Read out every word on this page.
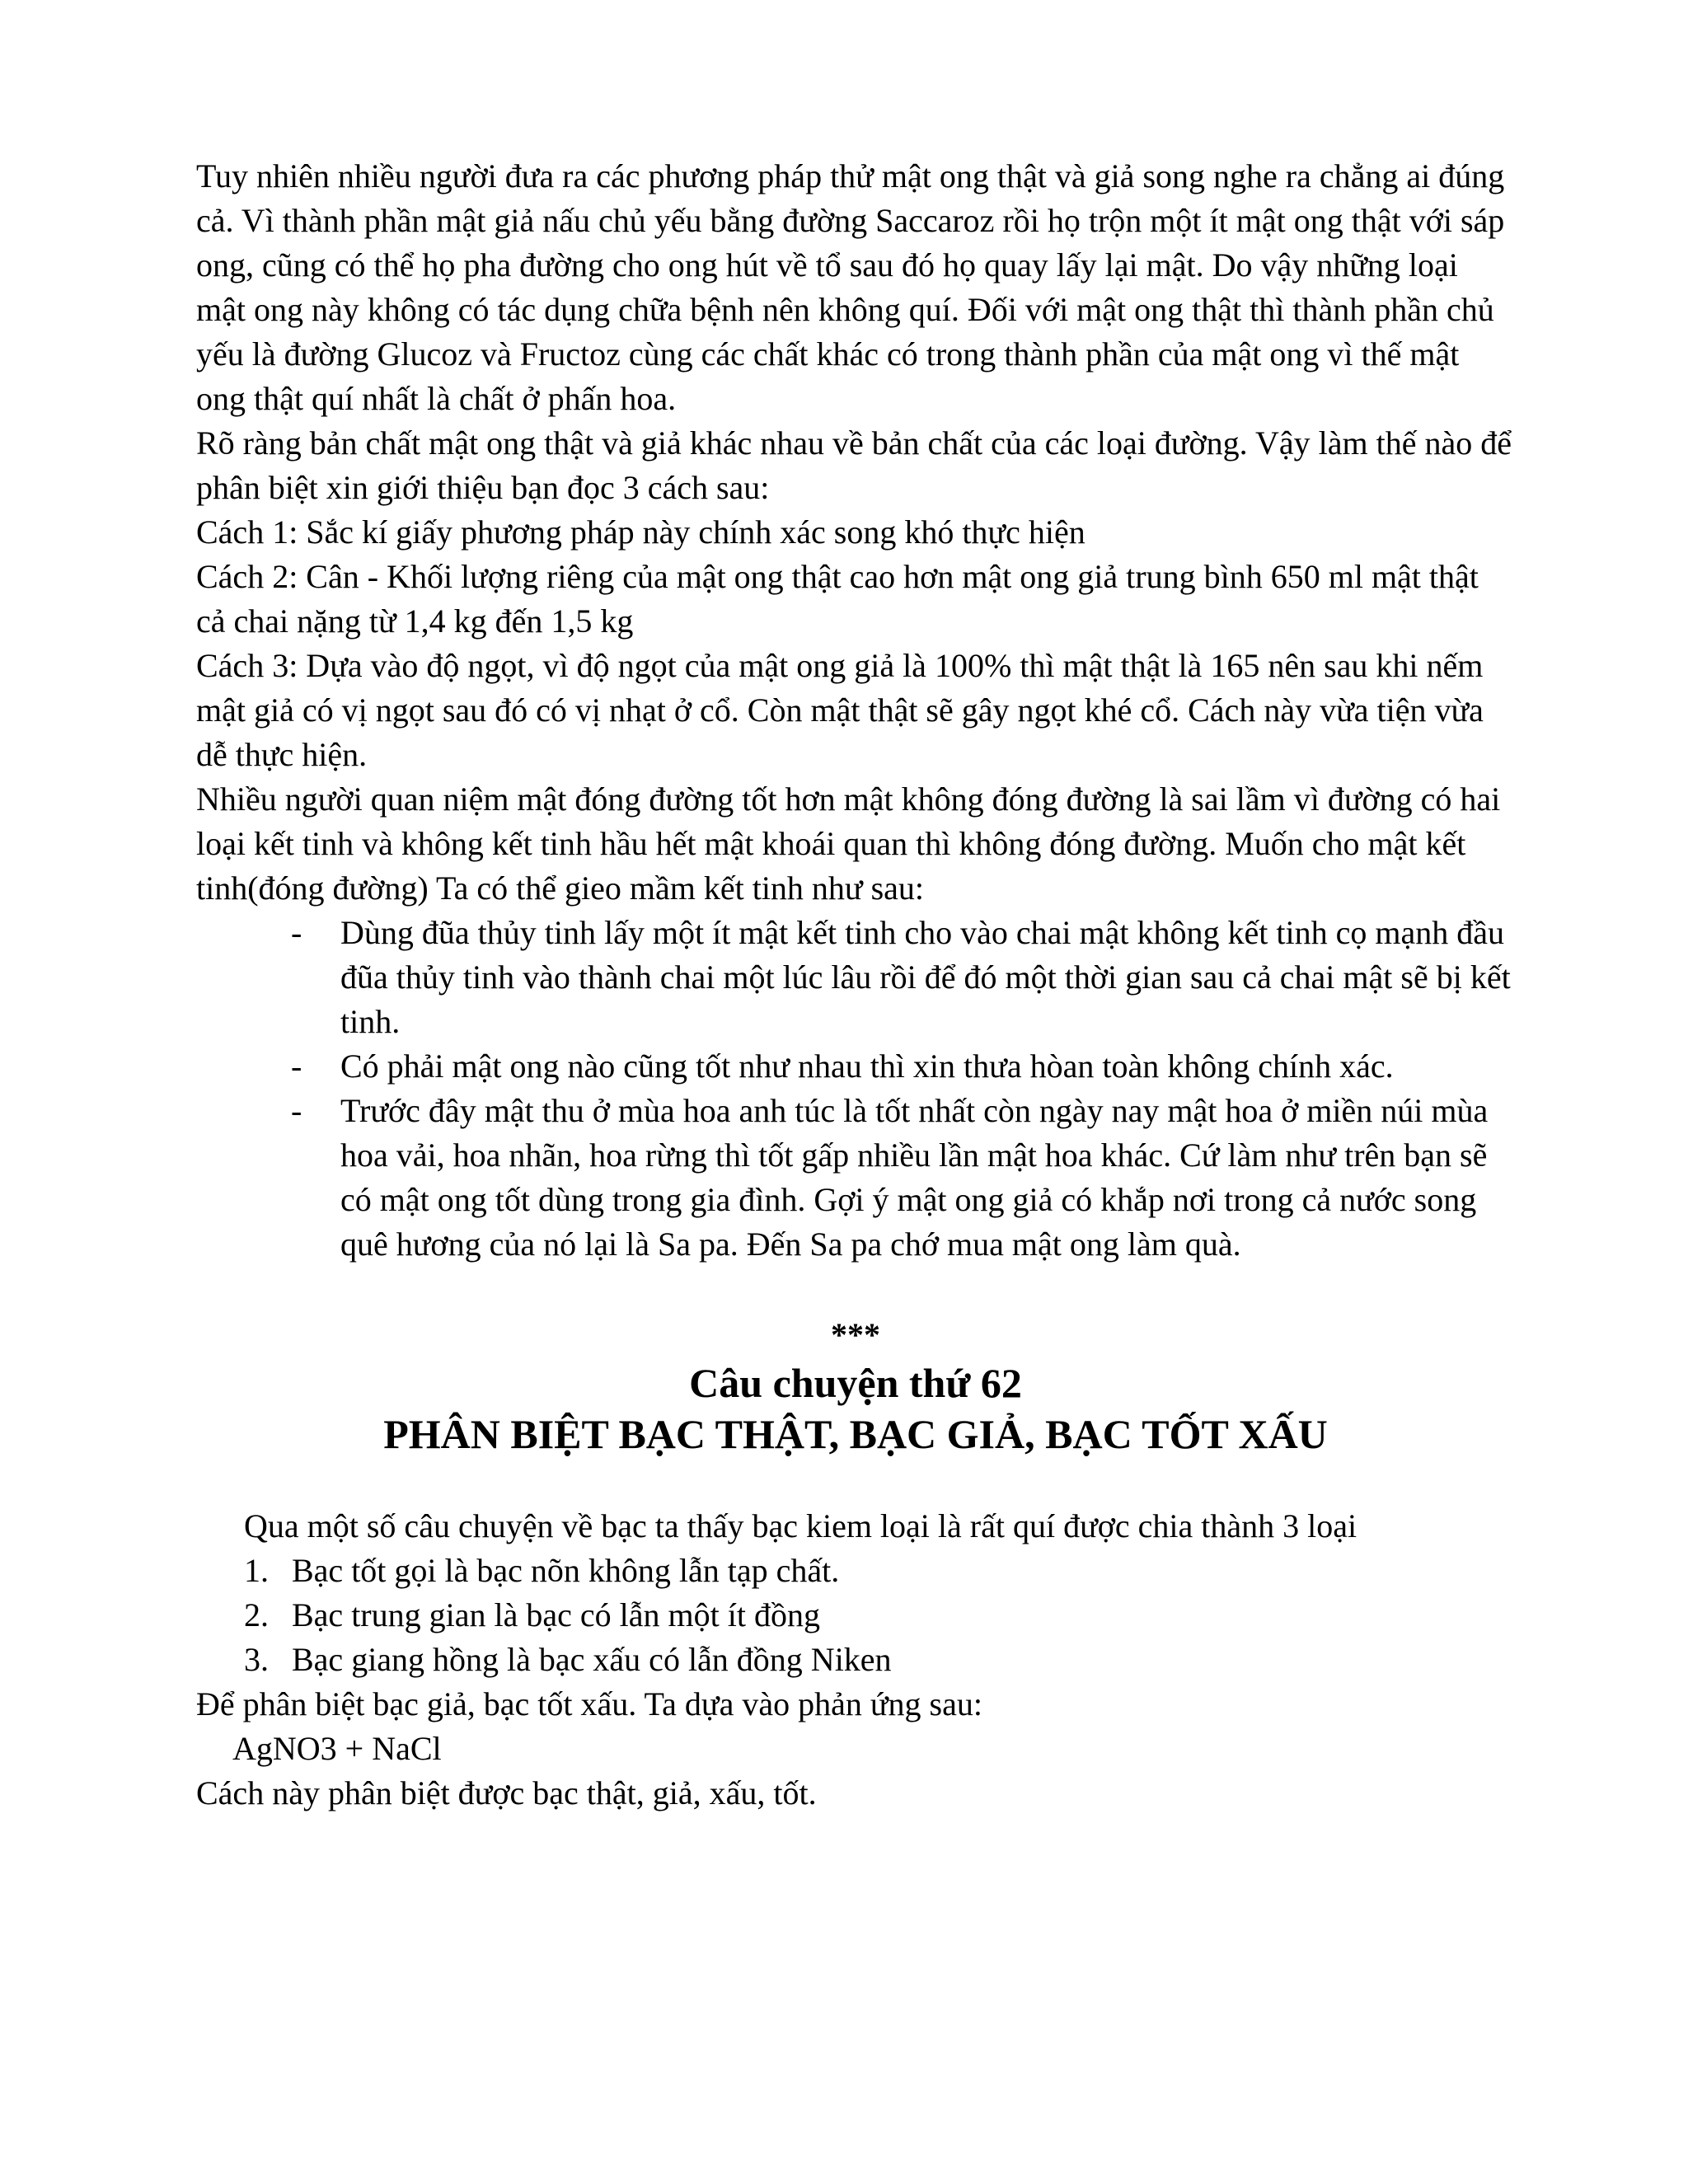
Tuy nhiên nhiều người đưa ra các phương pháp thử mật ong thật và giả song nghe ra chẳng ai đúng cả. Vì thành phần mật giả nấu chủ yếu bằng đường Saccaroz rồi họ trộn một ít mật ong thật với sáp ong, cũng có thể họ pha đường cho ong hút về tổ sau đó họ quay lấy lại mật. Do vậy những loại mật ong này không có tác dụng chữa bệnh nên không quí. Đối với mật ong thật thì thành phần chủ yếu là đường Glucoz và Fructoz cùng các chất khác có trong thành phần của mật ong vì thế mật ong thật quí nhất là chất ở phấn hoa.

Rõ ràng bản chất mật ong thật và giả khác nhau về bản chất của các loại đường. Vậy làm thế nào để phân biệt xin giới thiệu bạn đọc 3 cách sau:

Cách 1: Sắc kí giấy phương pháp này chính xác song khó thực hiện

Cách 2: Cân - Khối lượng riêng của mật ong thật cao hơn mật ong giả trung bình 650 ml mật thật cả chai nặng từ 1,4 kg đến 1,5 kg

Cách 3: Dựa vào độ ngọt, vì độ ngọt của mật ong giả là 100% thì mật thật là 165 nên sau khi nếm mật giả có vị ngọt sau đó có vị nhạt ở cổ. Còn mật thật sẽ gây ngọt khé cổ. Cách này vừa tiện vừa dễ thực hiện.

Nhiều người quan niệm mật đóng đường tốt hơn mật không đóng đường là sai lầm vì đường có hai loại kết tinh và không kết tinh hầu hết mật khoái quan thì không đóng đường. Muốn cho mật kết tinh(đóng đường) Ta có thể gieo mầm kết tinh như sau:

- Dùng đũa thủy tinh lấy một ít mật kết tinh cho vào chai mật không kết tinh cọ mạnh đầu đũa thủy tinh vào thành chai một lúc lâu rồi để đó một thời gian sau cả chai mật sẽ bị kết tinh.
- Có phải mật ong nào cũng tốt như nhau thì xin thưa hòan toàn không chính xác.
- Trước đây mật thu ở mùa hoa anh túc là tốt nhất còn ngày nay mật hoa ở miền núi mùa hoa vải, hoa nhãn, hoa rừng thì tốt gấp nhiều lần mật hoa khác. Cứ làm như trên bạn sẽ có mật ong tốt dùng trong gia đình. Gợi ý mật ong giả có khắp nơi trong cả nước song quê hương của nó lại là Sa pa. Đến Sa pa chớ mua mật ong làm quà.
***
Câu chuyện thứ 62
PHÂN BIỆT BẠC THẬT, BẠC GIẢ, BẠC TỐT XẤU

Qua một số câu chuyện về bạc ta thấy bạc kiem loại là rất quí được chia thành 3 loại

1. Bạc tốt gọi là bạc nõn không lẫn tạp chất.
2. Bạc trung gian là bạc có lẫn một ít đồng
3. Bạc giang hồng là bạc xấu có lẫn đồng Niken

Để phân biệt bạc giả, bạc tốt xấu. Ta dựa vào phản ứng sau:

AgNO3 + NaCl

Cách này phân biệt được bạc thật, giả, xấu, tốt.
